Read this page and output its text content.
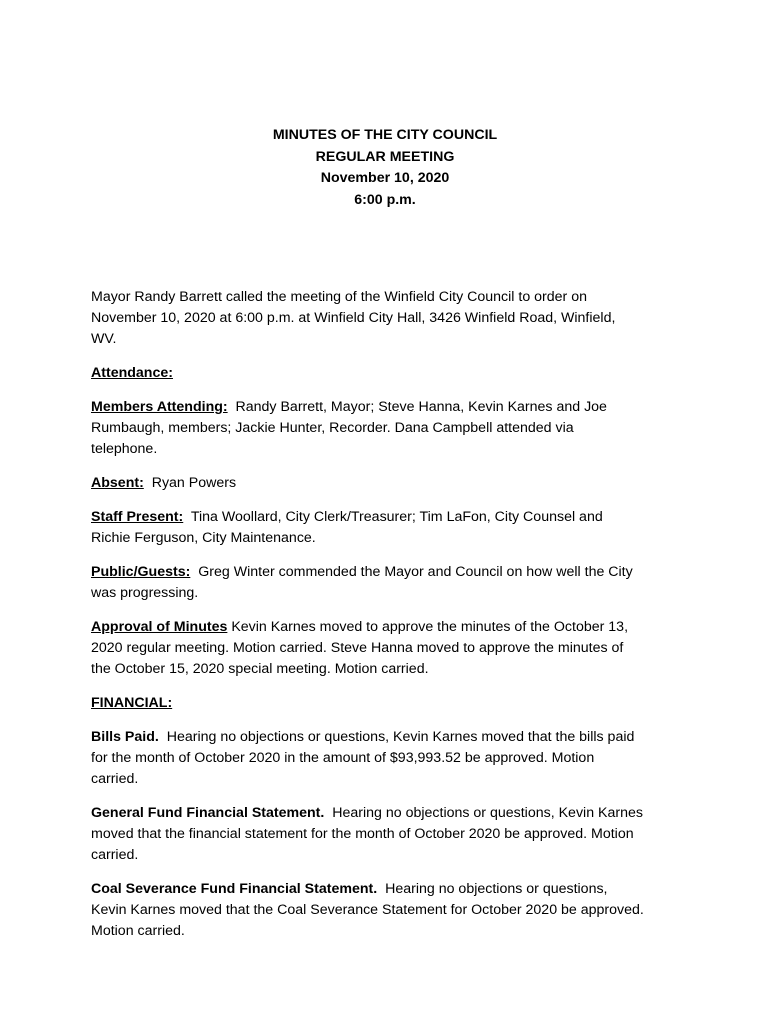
MINUTES OF THE CITY COUNCIL
REGULAR MEETING
November 10, 2020
6:00 p.m.
Mayor Randy Barrett called the meeting of the Winfield City Council to order on
November 10, 2020 at 6:00 p.m. at Winfield City Hall, 3426 Winfield Road, Winfield,
WV.
Attendance:
Members Attending:  Randy Barrett, Mayor; Steve Hanna, Kevin Karnes and Joe
Rumbaugh, members; Jackie Hunter, Recorder. Dana Campbell attended via
telephone.
Absent:  Ryan Powers
Staff Present:  Tina Woollard, City Clerk/Treasurer; Tim LaFon, City Counsel and
Richie Ferguson, City Maintenance.
Public/Guests:  Greg Winter commended the Mayor and Council on how well the City
was progressing.
Approval of Minutes Kevin Karnes moved to approve the minutes of the October 13,
2020 regular meeting. Motion carried. Steve Hanna moved to approve the minutes of
the October 15, 2020 special meeting. Motion carried.
FINANCIAL:
Bills Paid.  Hearing no objections or questions, Kevin Karnes moved that the bills paid
for the month of October 2020 in the amount of $93,993.52 be approved. Motion
carried.
General Fund Financial Statement.  Hearing no objections or questions, Kevin Karnes
moved that the financial statement for the month of October 2020 be approved. Motion
carried.
Coal Severance Fund Financial Statement.  Hearing no objections or questions,
Kevin Karnes moved that the Coal Severance Statement for October 2020 be approved.
Motion carried.
